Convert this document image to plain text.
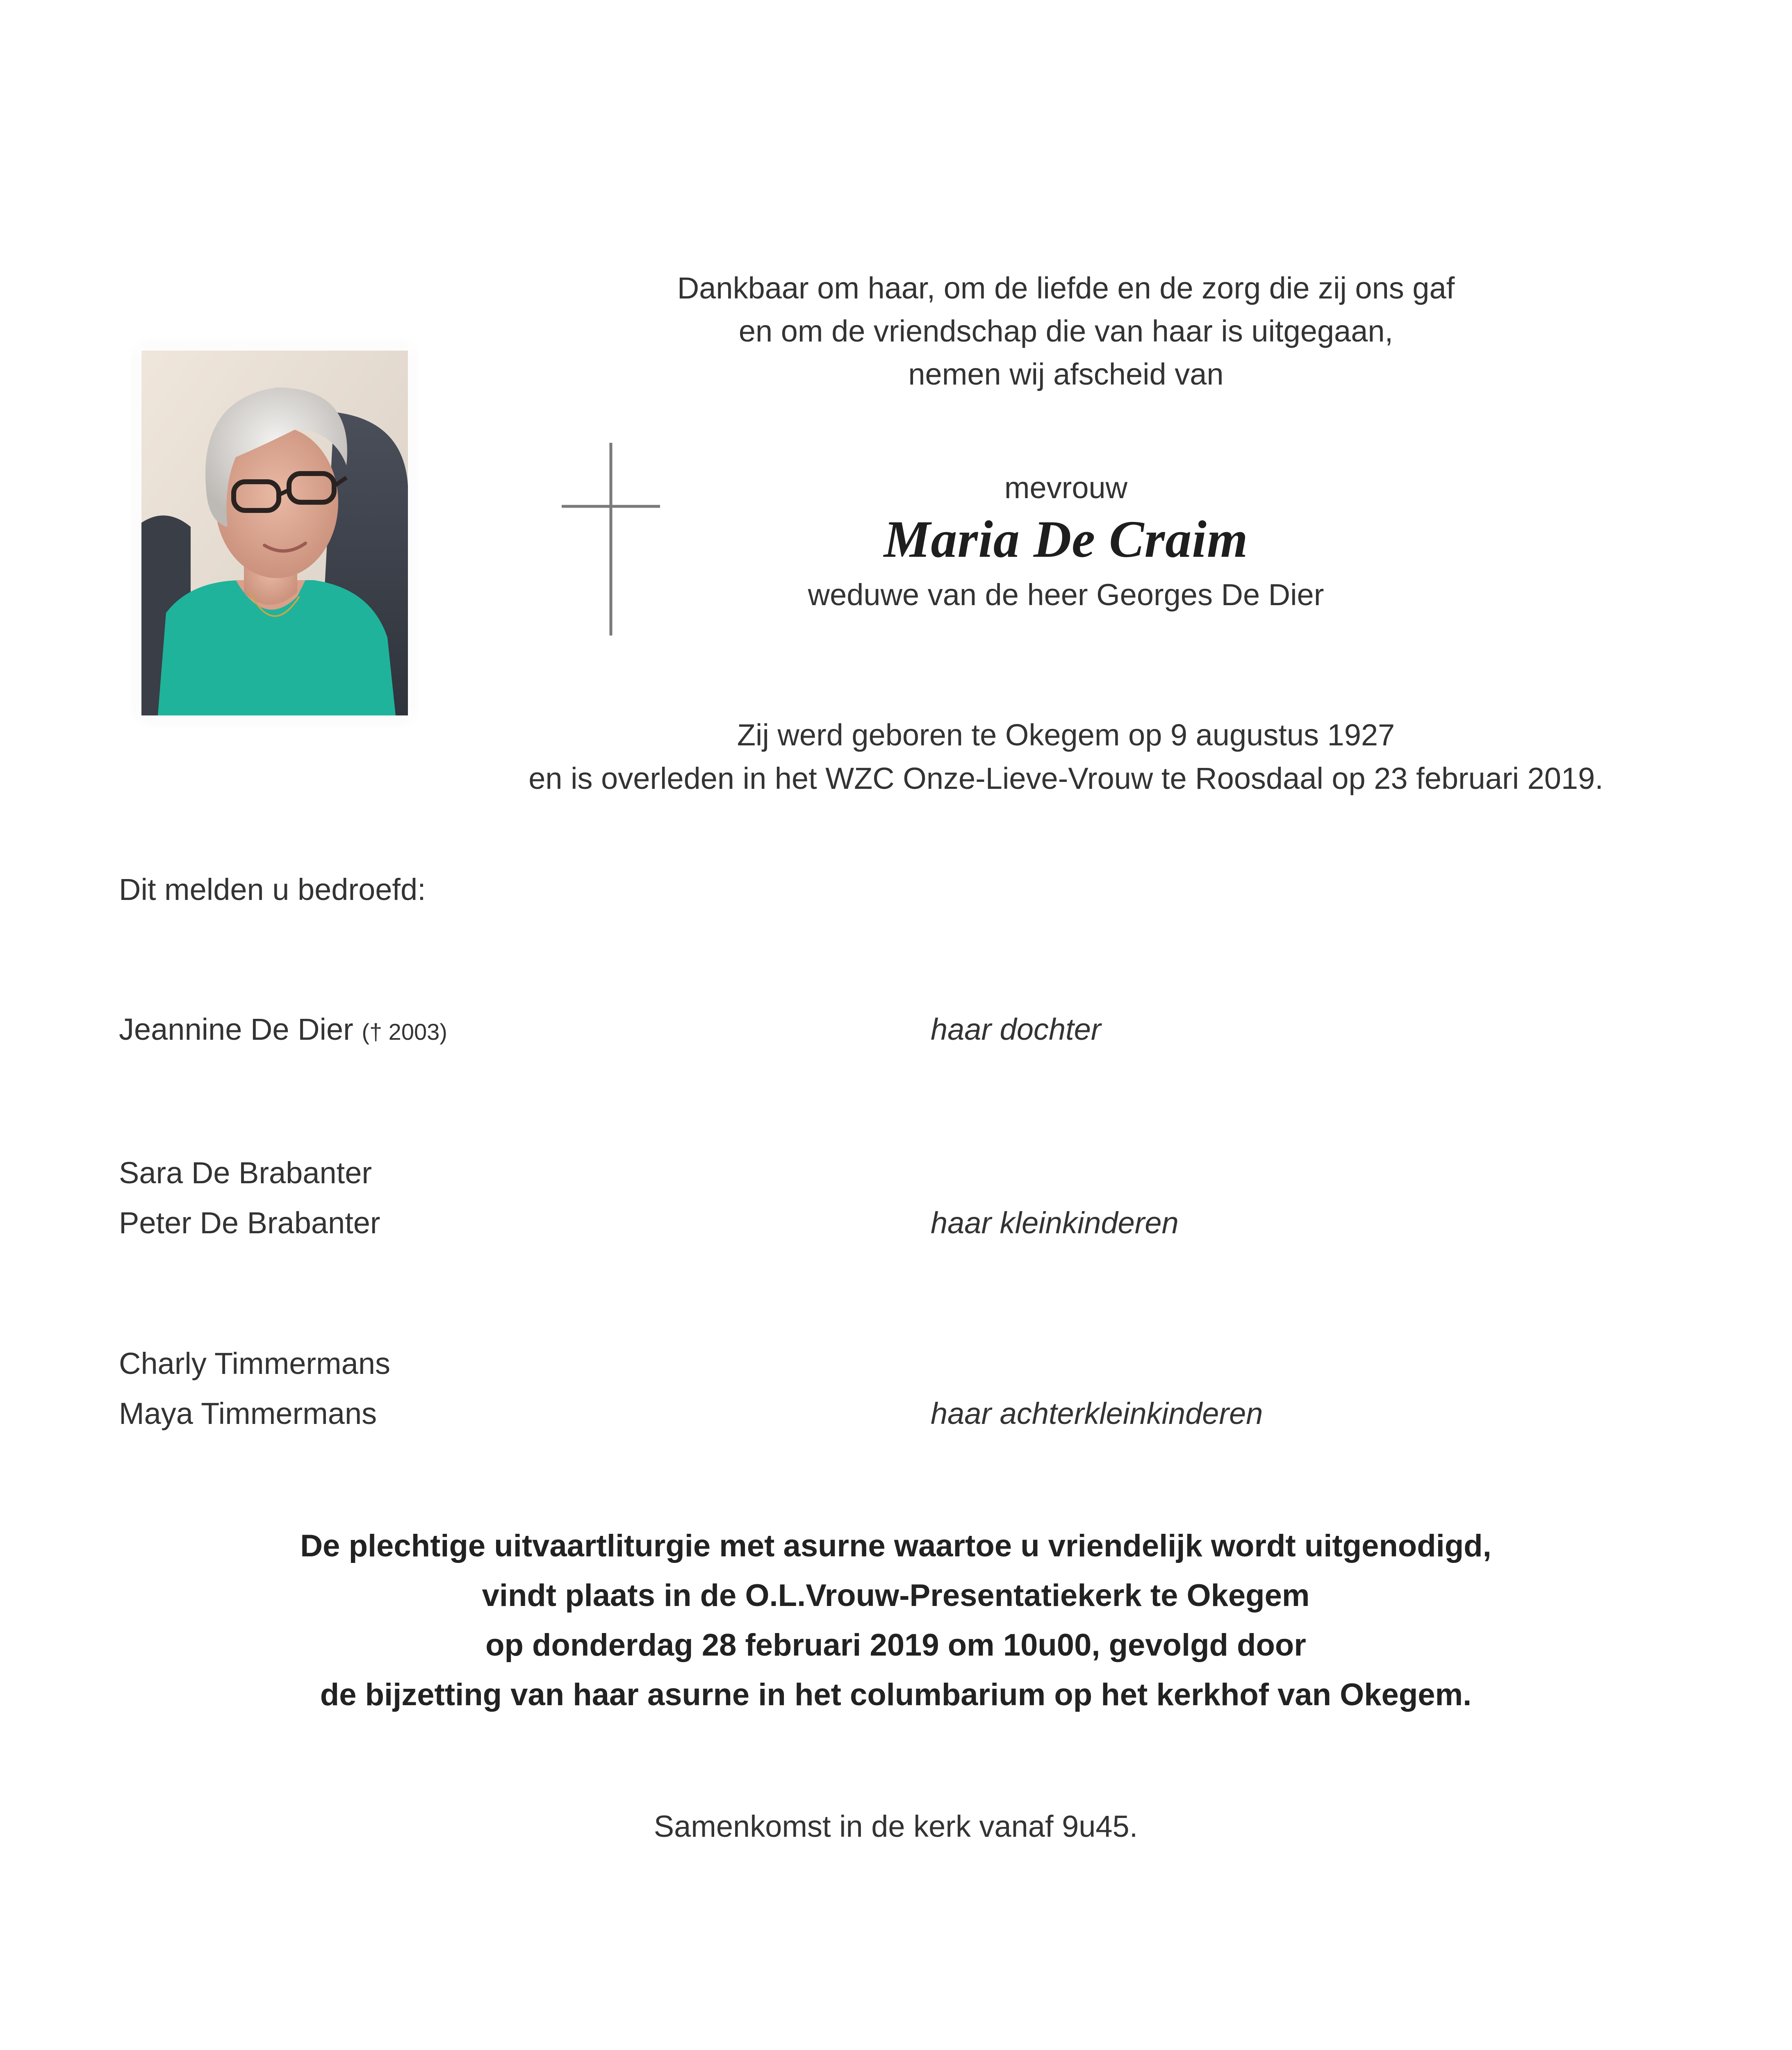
Dankbaar om haar, om de liefde en de zorg die zij ons gaf
en om de vriendschap die van haar is uitgegaan,
nemen wij afscheid van
mevrouw
Maria De Craim
weduwe van de heer Georges De Dier
Zij werd geboren te Okegem op 9 augustus 1927
en is overleden in het WZC Onze-Lieve-Vrouw te Roosdaal op 23 februari 2019.
Dit melden u bedroefd:
Jeannine De Dier († 2003)	haar dochter
Sara De Brabanter
Peter De Brabanter	haar kleinkinderen
Charly Timmermans
Maya Timmermans	haar achterkleinkinderen
De plechtige uitvaartliturgie met asurne waartoe u vriendelijk wordt uitgenodigd,
vindt plaats in de O.L.Vrouw-Presentatiekerk te Okegem
op donderdag 28 februari 2019 om 10u00, gevolgd door
de bijzetting van haar asurne in het columbarium op het kerkhof van Okegem.
Samenkomst in de kerk vanaf 9u45.
